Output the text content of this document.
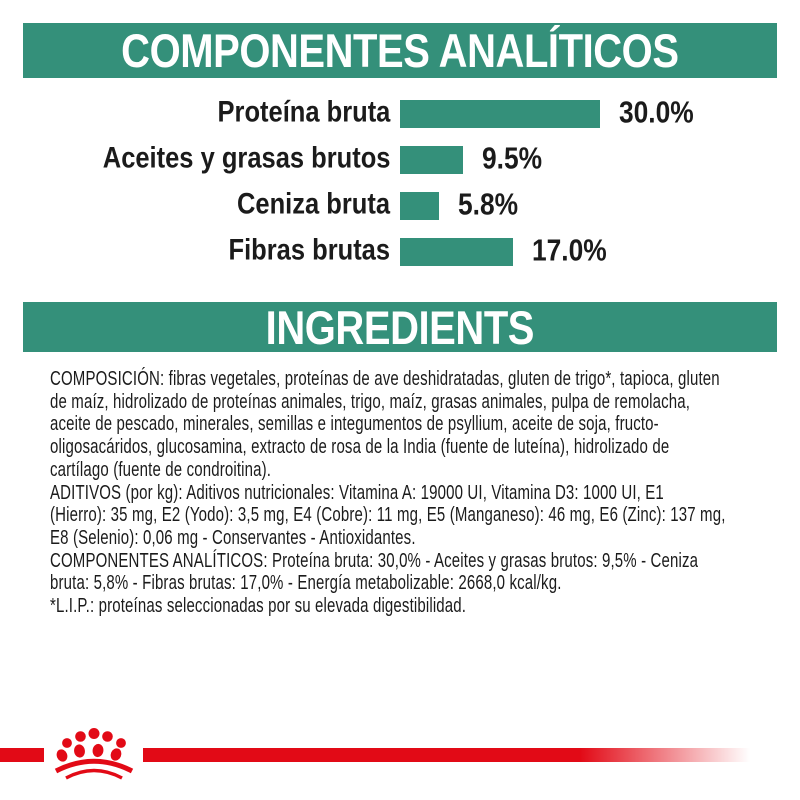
COMPONENTES ANALÍTICOS
Proteína bruta	30.0%
Aceites y grasas brutos	9.5%
Ceniza bruta 5.8%
Fibras brutas	17.0%
INGREDIENTS
COMPOSICIÓN: fibras vegetales, proteínas de ave deshidratadas, gluten de trigo*, tapioca, gluten
de maíz, hidrolizado de proteínas animales, trigo, maíz, grasas animales, pulpa de remolacha,
aceite de pescado, minerales, semillas e integumentos de psyllium, aceite de soja, fructo-
oligosacáridos, glucosamina, extracto de rosa de la India (fuente de luteína), hidrolizado de
cartílago (fuente de condroitina).
ADITIVOS (por kg): Aditivos nutricionales: Vitamina A: 19000 UI, Vitamina D3: 1000 UI, E1
(Hierro): 35 mg, E2 (Yodo): 3,5 mg, E4 (Cobre): 11 mg, E5 (Manganeso): 46 mg, E6 (Zinc): 137 mg,
E8 (Selenio): 0,06 mg - Conservantes - Antioxidantes.
COMPONENTES ANALÍTICOS: Proteína bruta: 30,0% - Aceites y grasas brutos: 9,5% - Ceniza
bruta: 5,8% - Fibras brutas: 17,0% - Energía metabolizable: 2668,0 kcal/kg.
*L.I.P.: proteínas seleccionadas por su elevada digestibilidad.
